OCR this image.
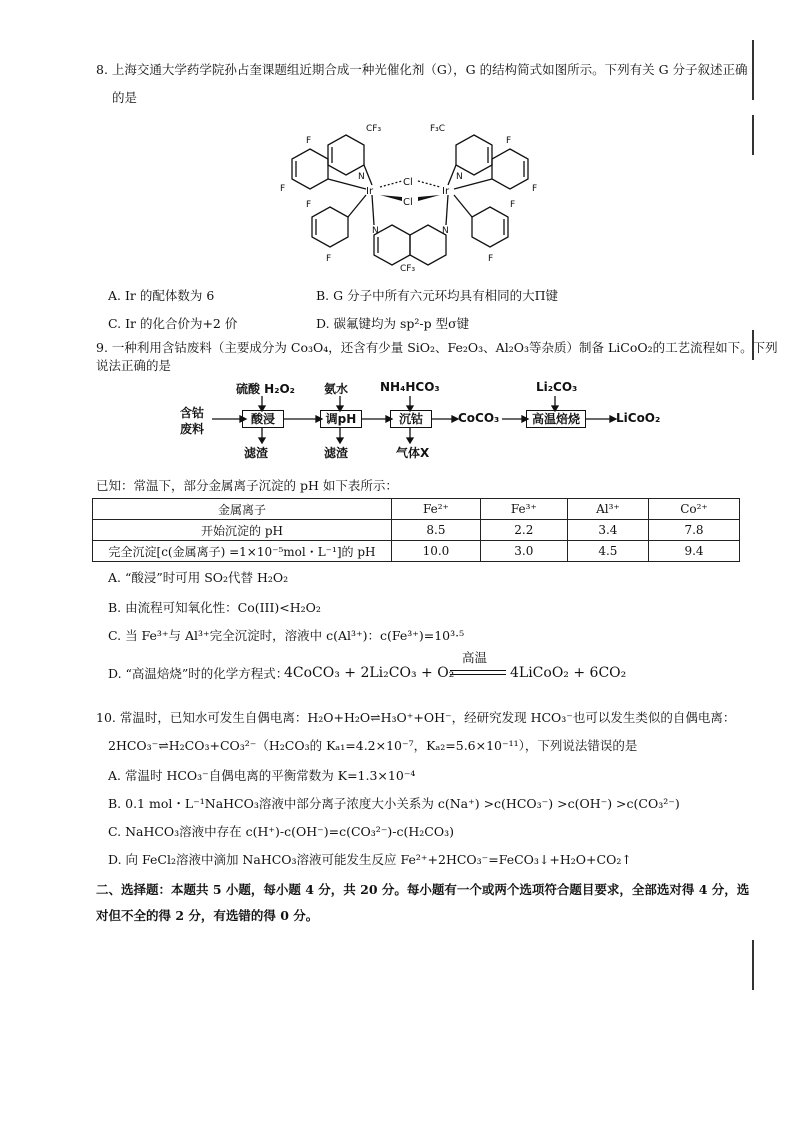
8. 上海交通大学药学院孙占奎课题组近期合成一种光催化剂（G），G 的结构简式如图所示。下列有关 G 分子叙述正确
的是
Ir	Ir
Cl
Cl
N
N
N
N
F
F
F
F
F
F
F
F
CF₃
CF₃
F₃C
A. Ir 的配体数为 6	B. G 分子中所有六元环均具有相同的大Π键
C. Ir 的化合价为+2 价	D. 碳氟键均为 sp²-p 型σ键
9. 一种利用含钴废料（主要成分为 Co₃O₄，还含有少量 SiO₂、Fe₂O₃、Al₂O₃等杂质）制备 LiCoO₂的工艺流程如下。下列
说法正确的是
含钴
废料
硫酸 H₂O₂
酸浸
滤渣
氨水
调pH
滤渣
NH₄HCO₃
沉钴
气体X
CoCO₃
Li₂CO₃
高温焙烧	LiCoO₂
已知：常温下，部分金属离子沉淀的 pH 如下表所示：
金属离子	Fe²⁺	Fe³⁺	Al³⁺	Co²⁺
开始沉淀的 pH	8.5	2.2	3.4	7.8
完全沉淀[c(金属离子) =1×10⁻⁵mol・L⁻¹]的 pH	10.0	3.0	4.5	9.4
A. “酸浸”时可用 SO₂代替 H₂O₂
B. 由流程可知氧化性：Co(III)<H₂O₂
C. 当 Fe³⁺与 Al³⁺完全沉淀时，溶液中 c(Al³⁺)：c(Fe³⁺)=10³·⁵
D. “高温焙烧”时的化学方程式：
4CoCO₃ + 2Li₂CO₃ + O₂
高温
4LiCoO₂ + 6CO₂
10. 常温时，已知水可发生自偶电离：H₂O+H₂O⇌H₃O⁺+OH⁻，经研究发现 HCO₃⁻也可以发生类似的自偶电离：
2HCO₃⁻⇌H₂CO₃+CO₃²⁻（H₂CO₃的 Kₐ₁=4.2×10⁻⁷，Kₐ₂=5.6×10⁻¹¹），下列说法错误的是
A. 常温时 HCO₃⁻自偶电离的平衡常数为 K=1.3×10⁻⁴
B. 0.1 mol・L⁻¹NaHCO₃溶液中部分离子浓度大小关系为 c(Na⁺) >c(HCO₃⁻) >c(OH⁻) >c(CO₃²⁻)
C. NaHCO₃溶液中存在 c(H⁺)-c(OH⁻)=c(CO₃²⁻)-c(H₂CO₃)
D. 向 FeCl₂溶液中滴加 NaHCO₃溶液可能发生反应 Fe²⁺+2HCO₃⁻=FeCO₃↓+H₂O+CO₂↑
二、选择题：本题共 5 小题，每小题 4 分，共 20 分。每小题有一个或两个选项符合题目要求，全部选对得 4 分，选
对但不全的得 2 分，有选错的得 0 分。
